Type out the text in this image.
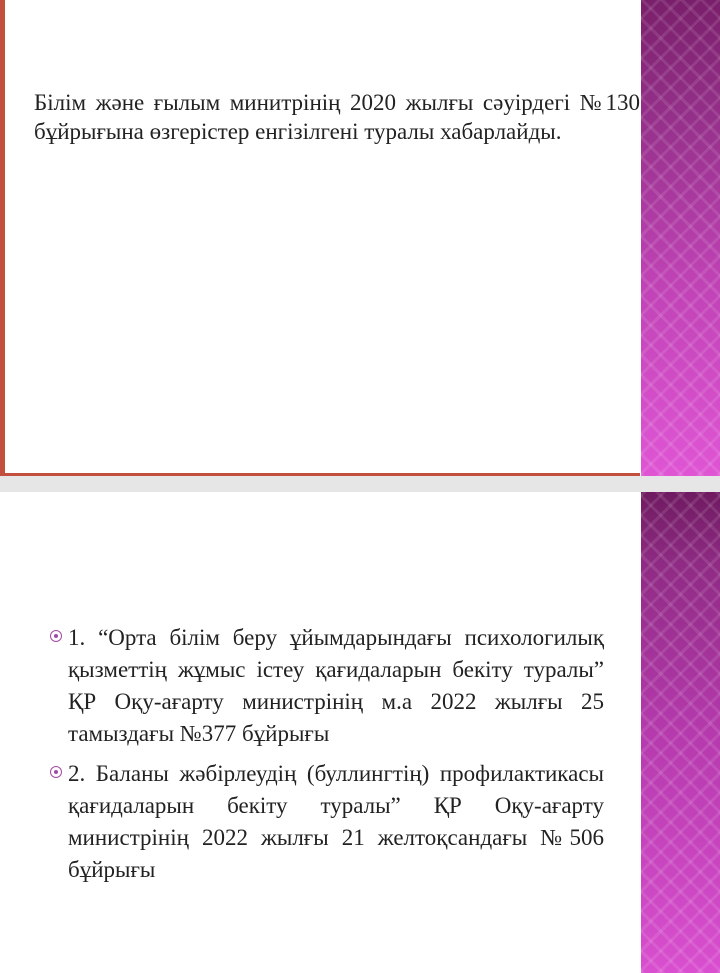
Білім және ғылым минитрінің 2020 жылғы сәуірдегі №130 бұйрығына өзгерістер енгізілгені туралы хабарлайды.
1. “Орта білім беру ұйымдарындағы психологилық қызметтің жұмыс істеу қағидаларын бекіту туралы” ҚР Оқу-ағарту министрінің м.а 2022 жылғы 25 тамыздағы №377 бұйрығы
2. Баланы жәбірлеудің (буллингтің) профилактикасы қағидаларын бекіту туралы” ҚР Оқу-ағарту министрінің 2022 жылғы 21 желтоқсандағы №506 бұйрығы
